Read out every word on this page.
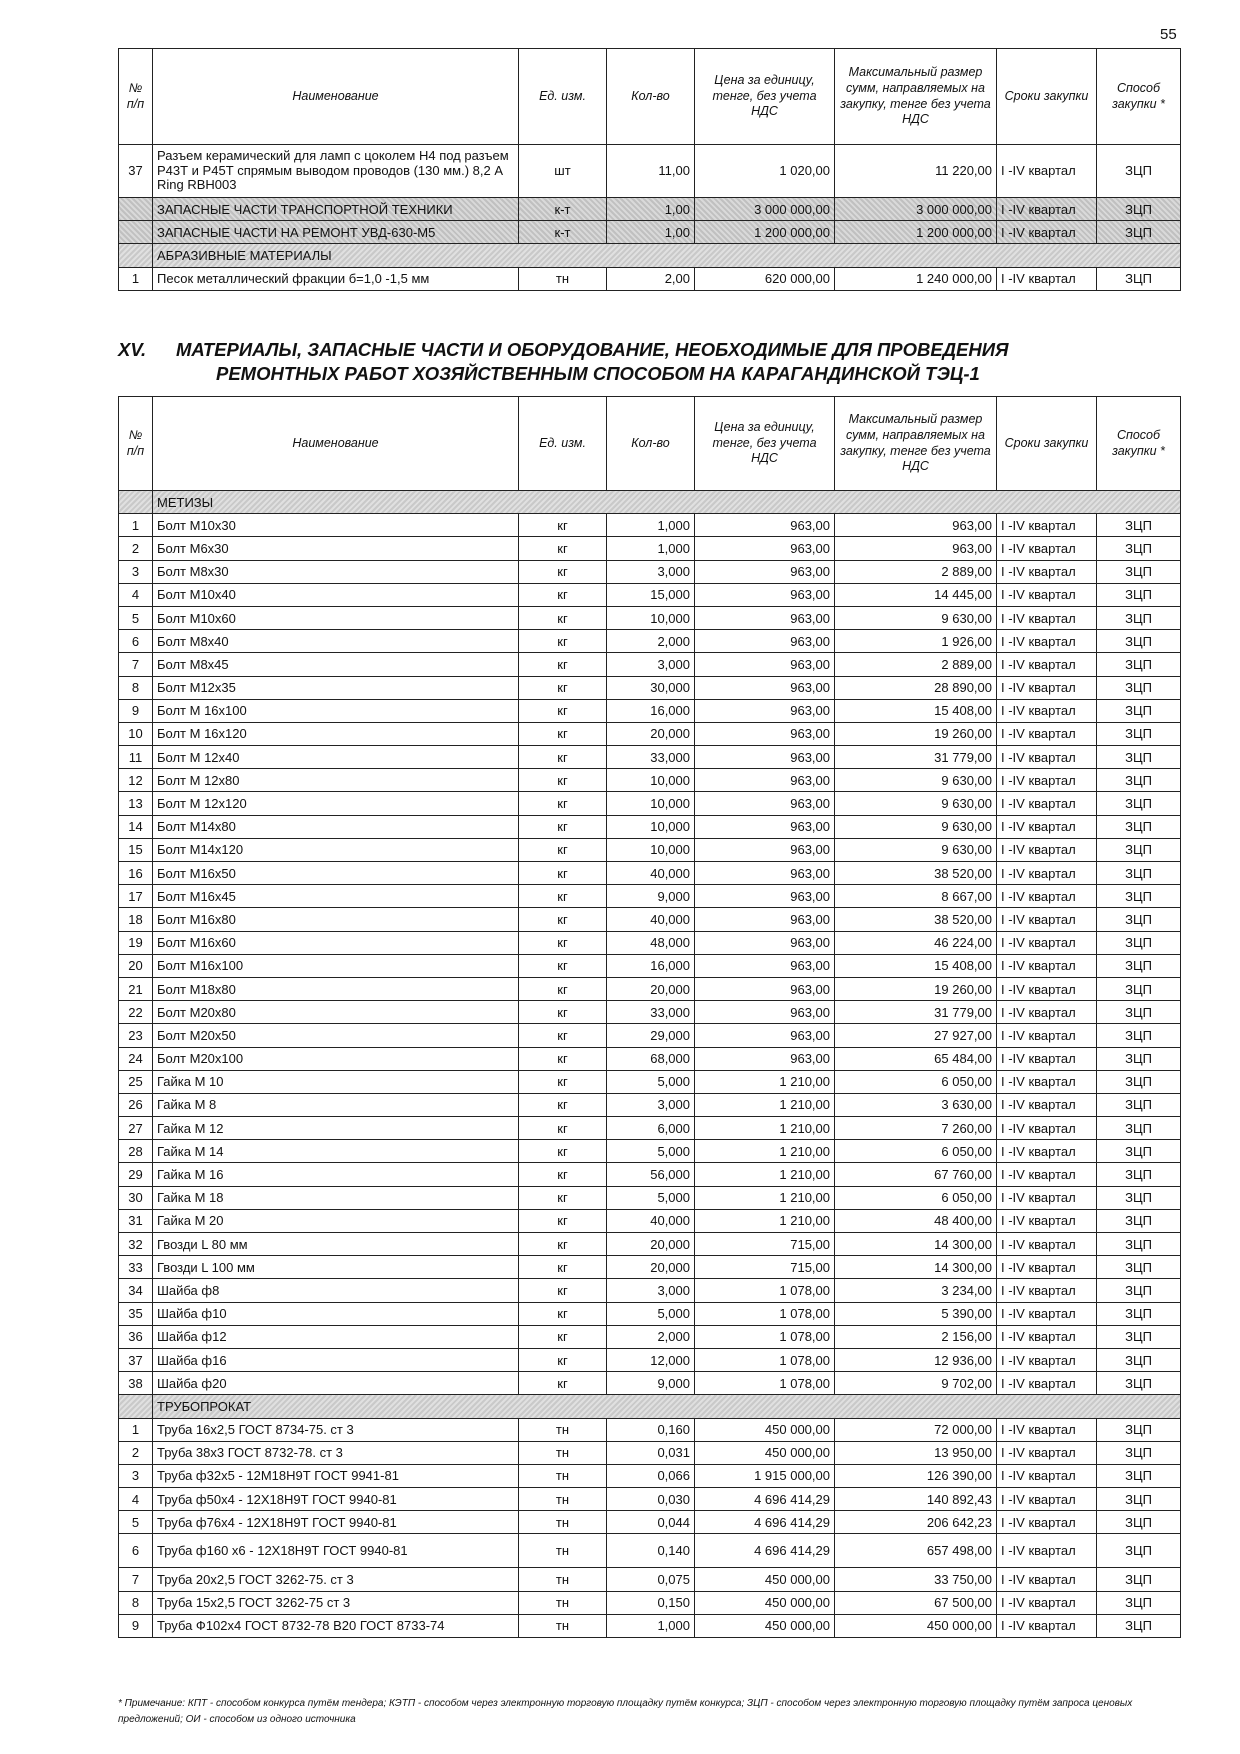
55
№ п/п	Наименование	Ед. изм.	Кол-во	Цена за единицу, тенге, без учета НДС	Максимальный размер сумм, направляемых на закупку, тенге без учета НДС	Сроки закупки	Способ закупки *
37	Разъем керамический для ламп с цоколем Н4 под разъем Р43Т и Р45Т спрямым выводом проводов (130 мм.) 8,2 A Ring RBH003	шт	11,00	1 020,00	11 220,00	I -IV квартал	ЗЦП
	ЗАПАСНЫЕ ЧАСТИ ТРАНСПОРТНОЙ ТЕХНИКИ	к-т	1,00	3 000 000,00	3 000 000,00	I -IV квартал	ЗЦП
	ЗАПАСНЫЕ ЧАСТИ НА РЕМОНТ УВД-630-М5	к-т	1,00	1 200 000,00	1 200 000,00	I -IV квартал	ЗЦП
	АБРАЗИВНЫЕ МАТЕРИАЛЫ						
1	Песок металлический фракции б=1,0 -1,5 мм	тн	2,00	620 000,00	1 240 000,00	I -IV квартал	ЗЦП
XV. МАТЕРИАЛЫ, ЗАПАСНЫЕ ЧАСТИ И ОБОРУДОВАНИЕ, НЕОБХОДИМЫЕ ДЛЯ ПРОВЕДЕНИЯ
РЕМОНТНЫХ РАБОТ ХОЗЯЙСТВЕННЫМ СПОСОБОМ НА КАРАГАНДИНСКОЙ ТЭЦ-1
№ п/п	Наименование	Ед. изм.	Кол-во	Цена за единицу, тенге, без учета НДС	Максимальный размер сумм, направляемых на закупку, тенге без учета НДС	Сроки закупки	Способ закупки *
	МЕТИЗЫ						
1	Болт М10х30	кг	1,000	963,00	963,00	I -IV квартал	ЗЦП
2	Болт М6х30	кг	1,000	963,00	963,00	I -IV квартал	ЗЦП
3	Болт М8х30	кг	3,000	963,00	2 889,00	I -IV квартал	ЗЦП
4	Болт М10х40	кг	15,000	963,00	14 445,00	I -IV квартал	ЗЦП
5	Болт М10х60	кг	10,000	963,00	9 630,00	I -IV квартал	ЗЦП
6	Болт М8х40	кг	2,000	963,00	1 926,00	I -IV квартал	ЗЦП
7	Болт М8х45	кг	3,000	963,00	2 889,00	I -IV квартал	ЗЦП
8	Болт М12х35	кг	30,000	963,00	28 890,00	I -IV квартал	ЗЦП
9	Болт М 16х100	кг	16,000	963,00	15 408,00	I -IV квартал	ЗЦП
10	Болт М 16х120	кг	20,000	963,00	19 260,00	I -IV квартал	ЗЦП
11	Болт М 12х40	кг	33,000	963,00	31 779,00	I -IV квартал	ЗЦП
12	Болт М 12х80	кг	10,000	963,00	9 630,00	I -IV квартал	ЗЦП
13	Болт М 12х120	кг	10,000	963,00	9 630,00	I -IV квартал	ЗЦП
14	Болт М14х80	кг	10,000	963,00	9 630,00	I -IV квартал	ЗЦП
15	Болт М14х120	кг	10,000	963,00	9 630,00	I -IV квартал	ЗЦП
16	Болт М16х50	кг	40,000	963,00	38 520,00	I -IV квартал	ЗЦП
17	Болт М16х45	кг	9,000	963,00	8 667,00	I -IV квартал	ЗЦП
18	Болт М16х80	кг	40,000	963,00	38 520,00	I -IV квартал	ЗЦП
19	Болт М16х60	кг	48,000	963,00	46 224,00	I -IV квартал	ЗЦП
20	Болт М16х100	кг	16,000	963,00	15 408,00	I -IV квартал	ЗЦП
21	Болт М18х80	кг	20,000	963,00	19 260,00	I -IV квартал	ЗЦП
22	Болт М20х80	кг	33,000	963,00	31 779,00	I -IV квартал	ЗЦП
23	Болт М20х50	кг	29,000	963,00	27 927,00	I -IV квартал	ЗЦП
24	Болт М20х100	кг	68,000	963,00	65 484,00	I -IV квартал	ЗЦП
25	Гайка М 10	кг	5,000	1 210,00	6 050,00	I -IV квартал	ЗЦП
26	Гайка М 8	кг	3,000	1 210,00	3 630,00	I -IV квартал	ЗЦП
27	Гайка М 12	кг	6,000	1 210,00	7 260,00	I -IV квартал	ЗЦП
28	Гайка М 14	кг	5,000	1 210,00	6 050,00	I -IV квартал	ЗЦП
29	Гайка М 16	кг	56,000	1 210,00	67 760,00	I -IV квартал	ЗЦП
30	Гайка М 18	кг	5,000	1 210,00	6 050,00	I -IV квартал	ЗЦП
31	Гайка М 20	кг	40,000	1 210,00	48 400,00	I -IV квартал	ЗЦП
32	Гвозди L 80 мм	кг	20,000	715,00	14 300,00	I -IV квартал	ЗЦП
33	Гвозди L 100 мм	кг	20,000	715,00	14 300,00	I -IV квартал	ЗЦП
34	Шайба ф8	кг	3,000	1 078,00	3 234,00	I -IV квартал	ЗЦП
35	Шайба ф10	кг	5,000	1 078,00	5 390,00	I -IV квартал	ЗЦП
36	Шайба ф12	кг	2,000	1 078,00	2 156,00	I -IV квартал	ЗЦП
37	Шайба ф16	кг	12,000	1 078,00	12 936,00	I -IV квартал	ЗЦП
38	Шайба ф20	кг	9,000	1 078,00	9 702,00	I -IV квартал	ЗЦП
	ТРУБОПРОКАТ						
1	Труба 16х2,5 ГОСТ 8734-75. ст 3	тн	0,160	450 000,00	72 000,00	I -IV квартал	ЗЦП
2	Труба 38х3 ГОСТ 8732-78. ст 3	тн	0,031	450 000,00	13 950,00	I -IV квартал	ЗЦП
3	Труба ф32х5 - 12М18Н9Т ГОСТ 9941-81	тн	0,066	1 915 000,00	126 390,00	I -IV квартал	ЗЦП
4	Труба ф50х4 - 12Х18Н9Т ГОСТ 9940-81	тн	0,030	4 696 414,29	140 892,43	I -IV квартал	ЗЦП
5	Труба ф76х4 - 12Х18Н9Т ГОСТ 9940-81	тн	0,044	4 696 414,29	206 642,23	I -IV квартал	ЗЦП
6	Труба ф160 х6 - 12Х18Н9Т ГОСТ 9940-81	тн	0,140	4 696 414,29	657 498,00	I -IV квартал	ЗЦП
7	Труба 20х2,5 ГОСТ 3262-75. ст 3	тн	0,075	450 000,00	33 750,00	I -IV квартал	ЗЦП
8	Труба 15х2,5 ГОСТ 3262-75 ст 3	тн	0,150	450 000,00	67 500,00	I -IV квартал	ЗЦП
9	Труба Ф102х4 ГОСТ 8732-78 В20 ГОСТ 8733-74	тн	1,000	450 000,00	450 000,00	I -IV квартал	ЗЦП
* Примечание: КПТ - способом конкурса путём тендера; КЭТП - способом через электронную торговую площадку путём конкурса; ЗЦП - способом через электронную торговую площадку путём запроса ценовых предложений; ОИ - способом из одного источника
